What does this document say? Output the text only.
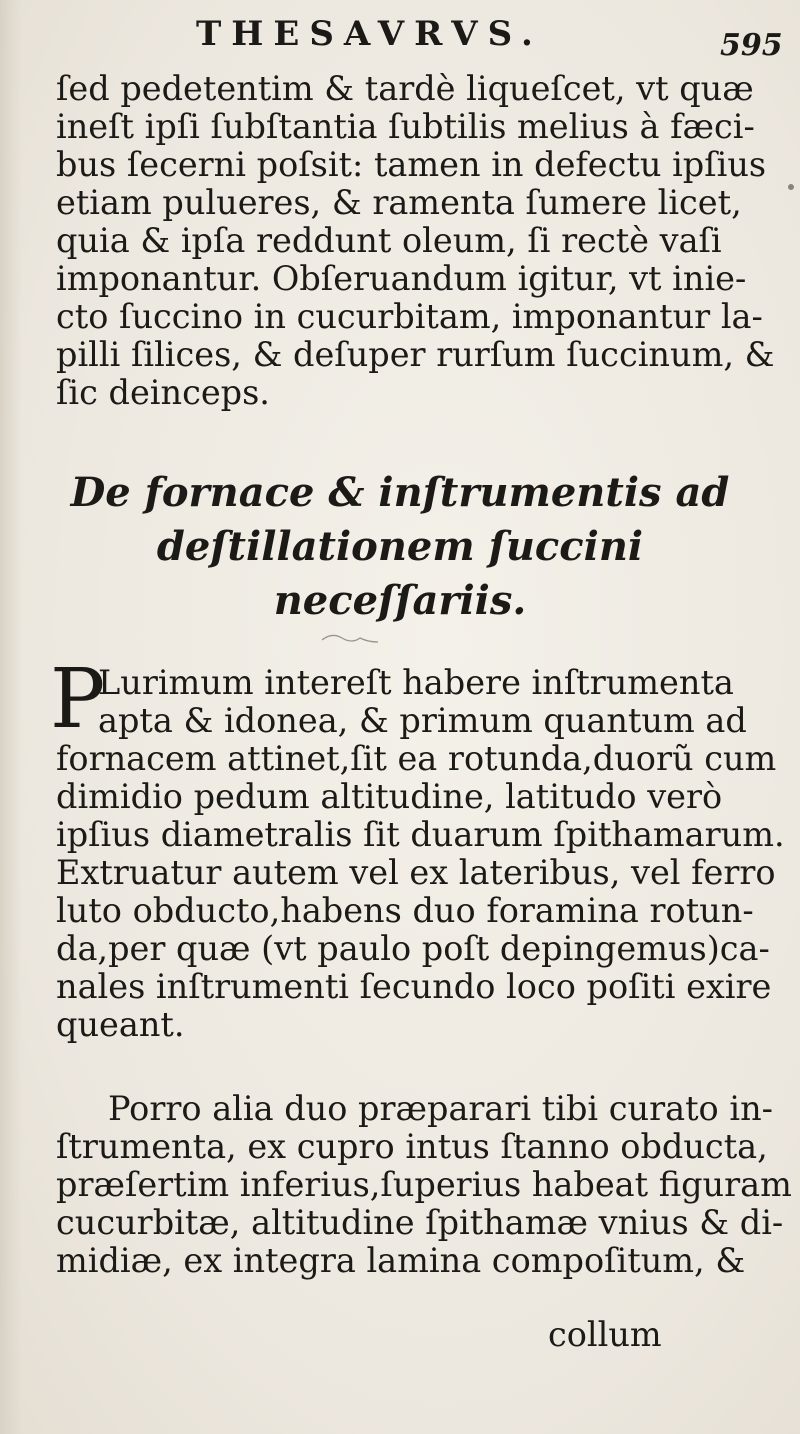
THESAVRVS.	595
ſed pedetentim & tardè liqueſcet, vt quæ
ineſt ipſi ſubſtantia ſubtilis melius à fæci-
bus ſecerni poſsit: tamen in defectu ipſius
etiam pulueres, & ramenta ſumere licet,
quia & ipſa reddunt oleum, ſi rectè vaſi
imponantur. Obſeruandum igitur, vt inie-
cto ſuccino in cucurbitam, imponantur la-
pilli ſilices, & deſuper rurſum ſuccinum, &
ſic deinceps.
De fornace & inſtrumentis ad
deſtillationem ſuccini
neceſſariis.
P
Lurimum intereſt habere inſtrumenta
apta & idonea, & primum quantum ad
fornacem attinet,ſit ea rotunda,duorũ cum
dimidio pedum altitudine, latitudo verò
ipſius diametralis ſit duarum ſpithamarum.
Extruatur autem vel ex lateribus, vel ferro
luto obducto,habens duo foramina rotun-
da,per quæ (vt paulo poſt depingemus)ca-
nales inſtrumenti ſecundo loco poſiti exire
queant.
Porro alia duo præparari tibi curato in-
ſtrumenta, ex cupro intus ſtanno obducta,
præſertim inferius,ſuperius habeat figuram
cucurbitæ, altitudine ſpithamæ vnius & di-
midiæ, ex integra lamina compoſitum, &
collum
